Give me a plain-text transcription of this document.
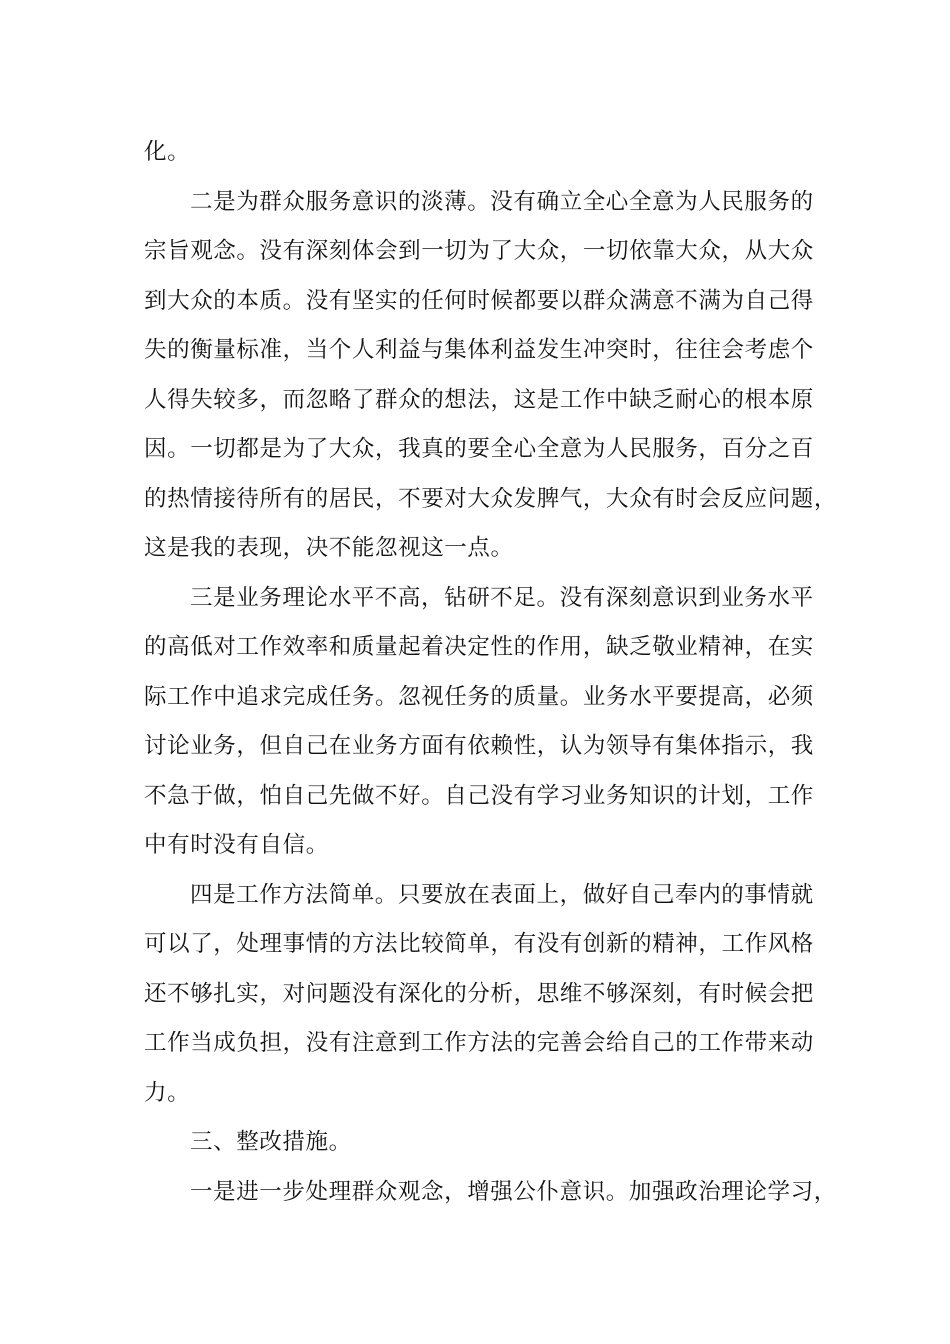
化。
二是为群众服务意识的淡薄。没有确立全心全意为人民服务的
宗旨观念。没有深刻体会到一切为了大众，一切依靠大众，从大众
到大众的本质。没有坚实的任何时候都要以群众满意不满为自己得
失的衡量标准，当个人利益与集体利益发生冲突时，往往会考虑个
人得失较多，而忽略了群众的想法，这是工作中缺乏耐心的根本原
因。一切都是为了大众，我真的要全心全意为人民服务，百分之百
的热情接待所有的居民，不要对大众发脾气，大众有时会反应问题，
这是我的表现，决不能忽视这一点。
三是业务理论水平不高，钻研不足。没有深刻意识到业务水平
的高低对工作效率和质量起着决定性的作用，缺乏敬业精神，在实
际工作中追求完成任务。忽视任务的质量。业务水平要提高，必须
讨论业务，但自己在业务方面有依赖性，认为领导有集体指示，我
不急于做，怕自己先做不好。自己没有学习业务知识的计划，工作
中有时没有自信。
四是工作方法简单。只要放在表面上，做好自己奉内的事情就
可以了，处理事情的方法比较简单，有没有创新的精神，工作风格
还不够扎实，对问题没有深化的分析，思维不够深刻，有时候会把
工作当成负担，没有注意到工作方法的完善会给自己的工作带来动
力。
三、整改措施。
一是进一步处理群众观念，增强公仆意识。加强政治理论学习，
